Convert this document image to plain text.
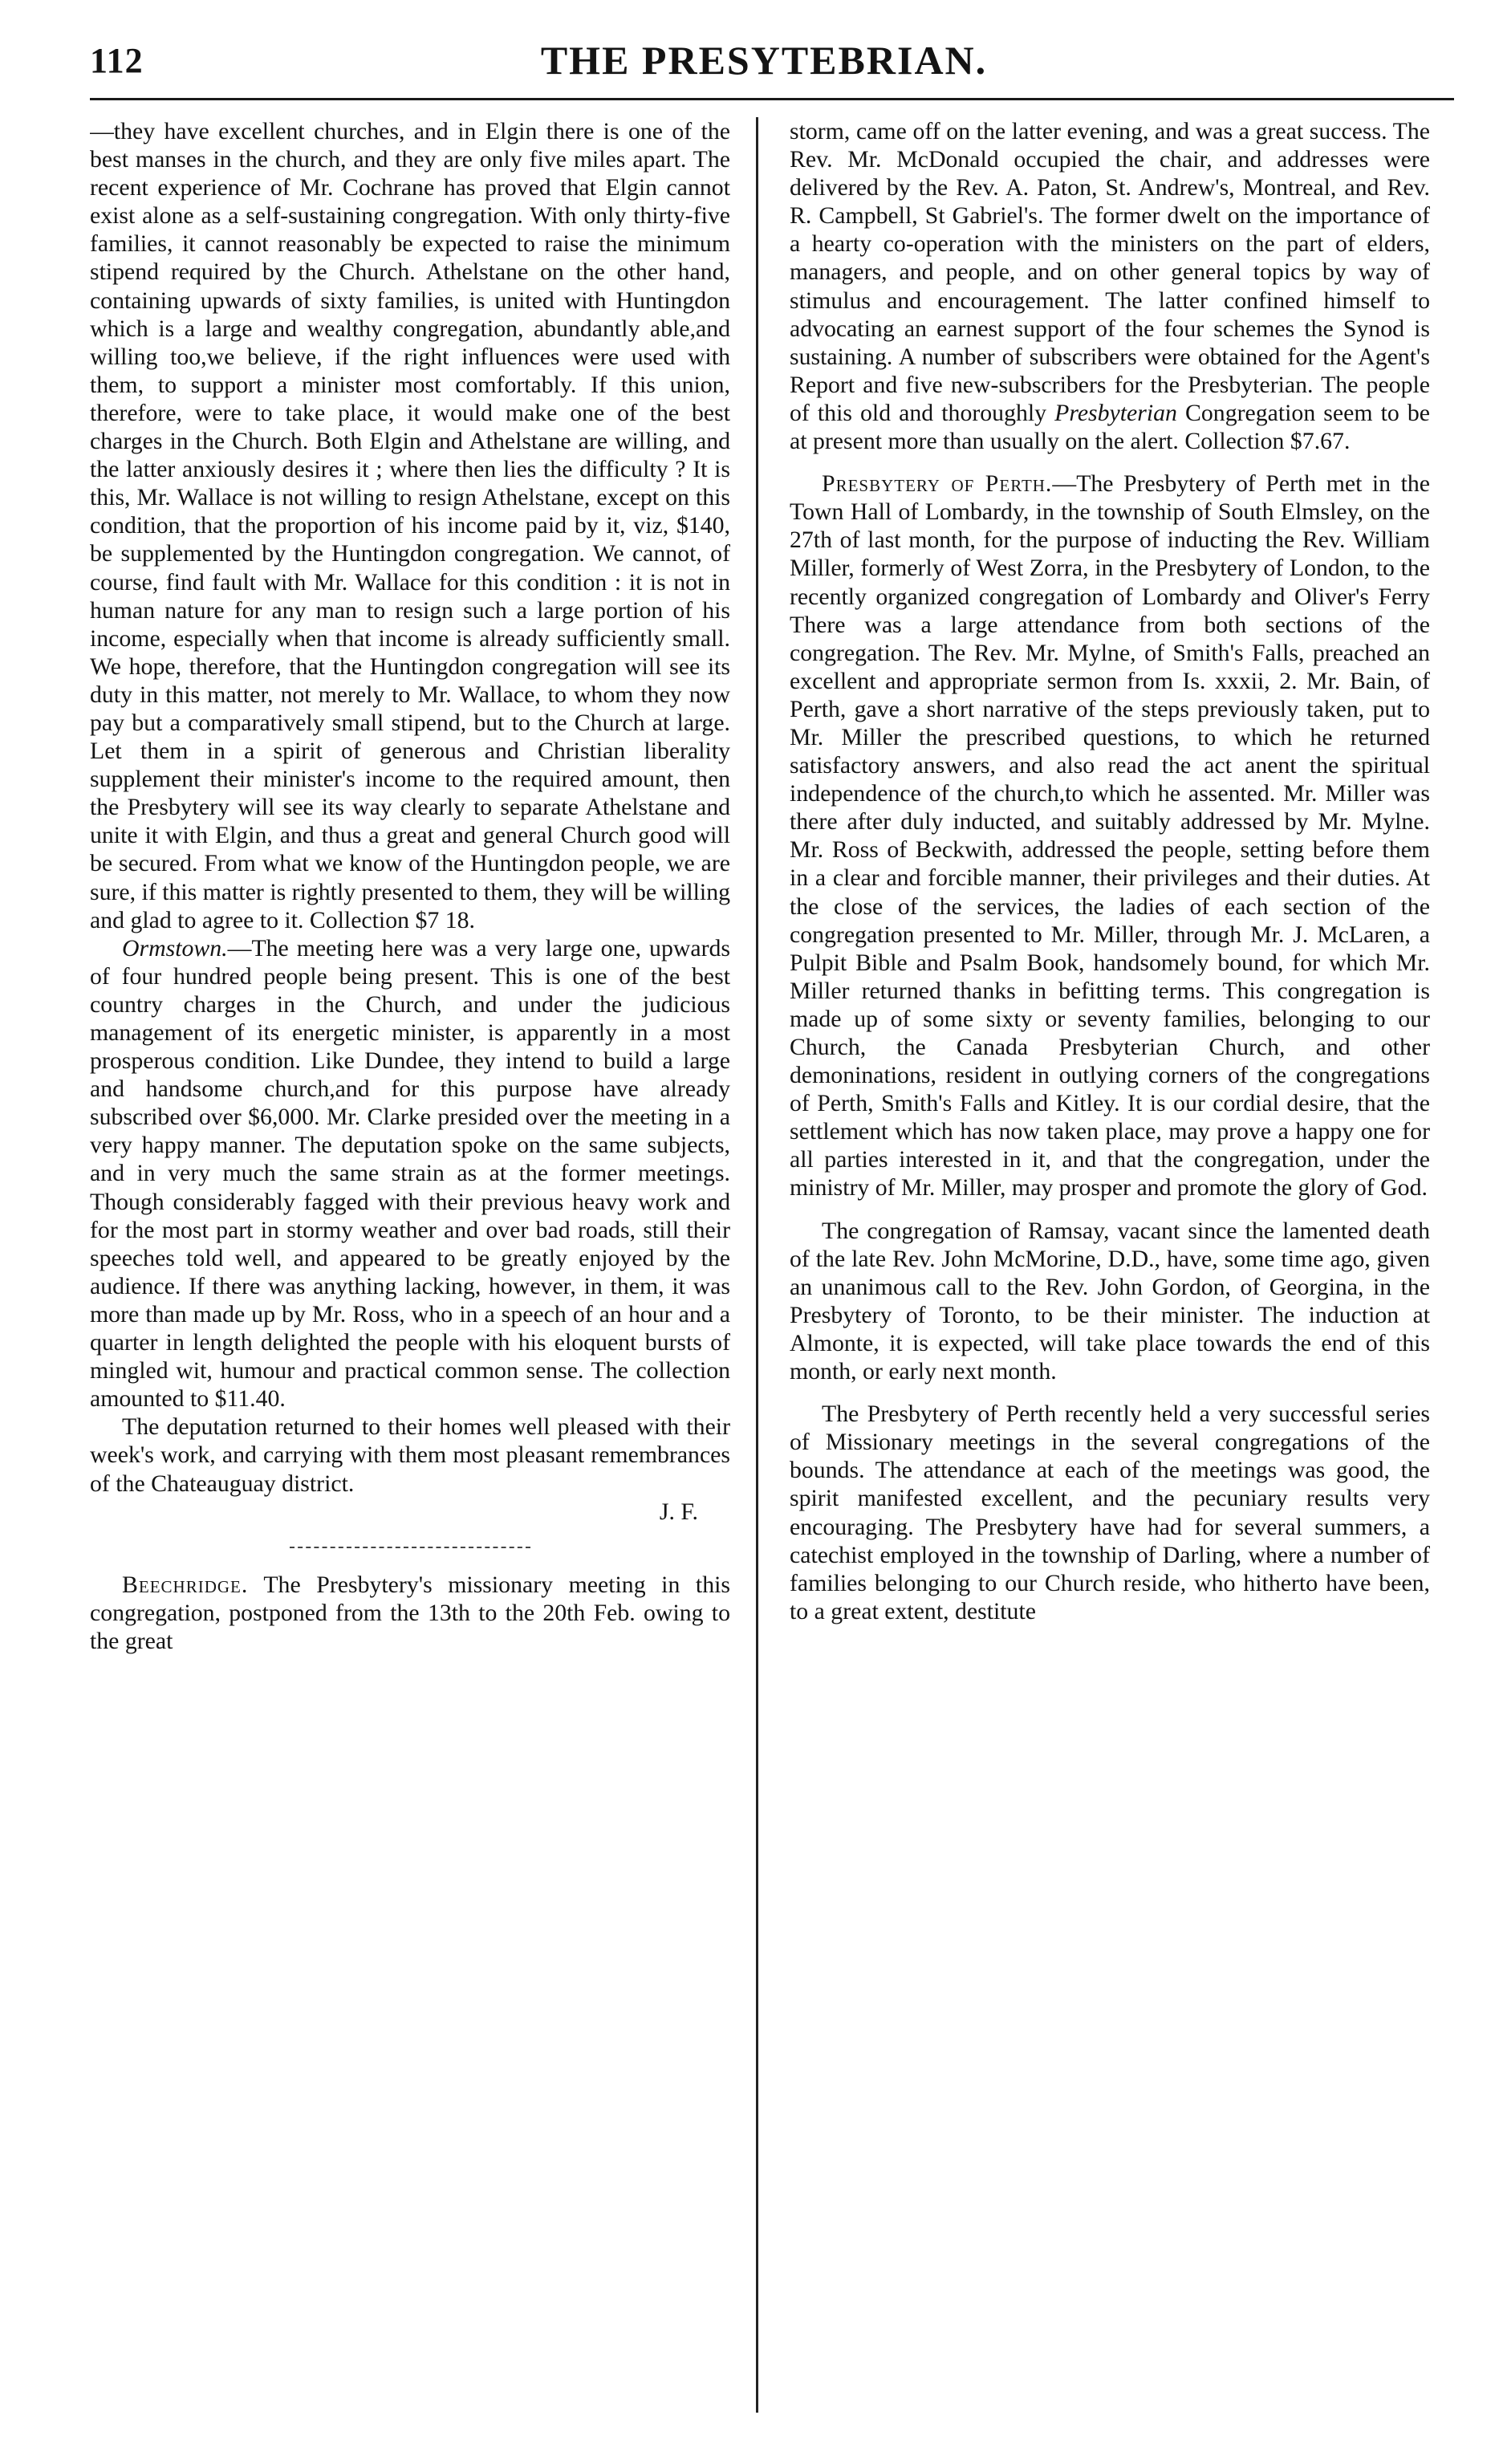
112	THE PRESYTEBRIAN.

—they have excellent churches, and in Elgin there is one of the best manses in the church, and they are only five miles apart. The recent experience of Mr. Cochrane has proved that Elgin cannot exist alone as a self-sustaining congregation. With only thirty-five families, it cannot reasonably be expected to raise the minimum stipend required by the Church. Athelstane on the other hand, containing upwards of sixty families, is united with Huntingdon which is a large and wealthy congregation, abundantly able,and willing too,we believe, if the right influences were used with them, to support a minister most comfortably. If this union, therefore, were to take place, it would make one of the best charges in the Church. Both Elgin and Athelstane are willing, and the latter anxiously desires it ; where then lies the difficulty ? It is this, Mr. Wallace is not willing to resign Athelstane, except on this condition, that the proportion of his income paid by it, viz, $140, be supplemented by the Huntingdon congregation. We cannot, of course, find fault with Mr. Wallace for this condition : it is not in human nature for any man to resign such a large portion of his income, especially when that income is already sufficiently small. We hope, therefore, that the Huntingdon congregation will see its duty in this matter, not merely to Mr. Wallace, to whom they now pay but a comparatively small stipend, but to the Church at large. Let them in a spirit of generous and Christian liberality supplement their minister's income to the required amount, then the Presbytery will see its way clearly to separate Athelstane and unite it with Elgin, and thus a great and general Church good will be secured. From what we know of the Huntingdon people, we are sure, if this matter is rightly presented to them, they will be willing and glad to agree to it. Collection $7 18.

Ormstown.—The meeting here was a very large one, upwards of four hundred people being present. This is one of the best country charges in the Church, and under the judicious management of its energetic minister, is apparently in a most prosperous condition. Like Dundee, they intend to build a large and handsome church,and for this purpose have already subscribed over $6,000. Mr. Clarke presided over the meeting in a very happy manner. The deputation spoke on the same subjects, and in very much the same strain as at the former meetings. Though considerably fagged with their previous heavy work and for the most part in stormy weather and over bad roads, still their speeches told well, and appeared to be greatly enjoyed by the audience. If there was anything lacking, however, in them, it was more than made up by Mr. Ross, who in a speech of an hour and a quarter in length delighted the people with his eloquent bursts of mingled wit, humour and practical common sense. The collection amounted to $11.40.

The deputation returned to their homes well pleased with their week's work, and carrying with them most pleasant remembrances of the Chateauguay district.

J. F.

Beechridge. The Presbytery's missionary meeting in this congregation, postponed from the 13th to the 20th Feb. owing to the great

storm, came off on the latter evening, and was a great success. The Rev. Mr. McDonald occupied the chair, and addresses were delivered by the Rev. A. Paton, St. Andrew's, Montreal, and Rev. R. Campbell, St Gabriel's. The former dwelt on the importance of a hearty co-operation with the ministers on the part of elders, managers, and people, and on other general topics by way of stimulus and encouragement. The latter confined himself to advocating an earnest support of the four schemes the Synod is sustaining. A number of subscribers were obtained for the Agent's Report and five new-subscribers for the Presbyterian. The people of this old and thoroughly Presbyterian Congregation seem to be at present more than usually on the alert. Collection $7.67.

Presbytery of Perth.—The Presbytery of Perth met in the Town Hall of Lombardy, in the township of South Elmsley, on the 27th of last month, for the purpose of inducting the Rev. William Miller, formerly of West Zorra, in the Presbytery of London, to the recently organized congregation of Lombardy and Oliver's Ferry There was a large attendance from both sections of the congregation. The Rev. Mr. Mylne, of Smith's Falls, preached an excellent and appropriate sermon from Is. xxxii, 2. Mr. Bain, of Perth, gave a short narrative of the steps previously taken, put to Mr. Miller the prescribed questions, to which he returned satisfactory answers, and also read the act anent the spiritual independence of the church,to which he assented. Mr. Miller was there after duly inducted, and suitably addressed by Mr. Mylne. Mr. Ross of Beckwith, addressed the people, setting before them in a clear and forcible manner, their privileges and their duties. At the close of the services, the ladies of each section of the congregation presented to Mr. Miller, through Mr. J. McLaren, a Pulpit Bible and Psalm Book, handsomely bound, for which Mr. Miller returned thanks in befitting terms. This congregation is made up of some sixty or seventy families, belonging to our Church, the Canada Presbyterian Church, and other demoninations, resident in outlying corners of the congregations of Perth, Smith's Falls and Kitley. It is our cordial desire, that the settlement which has now taken place, may prove a happy one for all parties interested in it, and that the congregation, under the ministry of Mr. Miller, may prosper and promote the glory of God.

The congregation of Ramsay, vacant since the lamented death of the late Rev. John McMorine, D.D., have, some time ago, given an unanimous call to the Rev. John Gordon, of Georgina, in the Presbytery of Toronto, to be their minister. The induction at Almonte, it is expected, will take place towards the end of this month, or early next month.

The Presbytery of Perth recently held a very successful series of Missionary meetings in the several congregations of the bounds. The attendance at each of the meetings was good, the spirit manifested excellent, and the pecuniary results very encouraging. The Presbytery have had for several summers, a catechist employed in the township of Darling, where a number of families belonging to our Church reside, who hitherto have been, to a great extent, destitute
